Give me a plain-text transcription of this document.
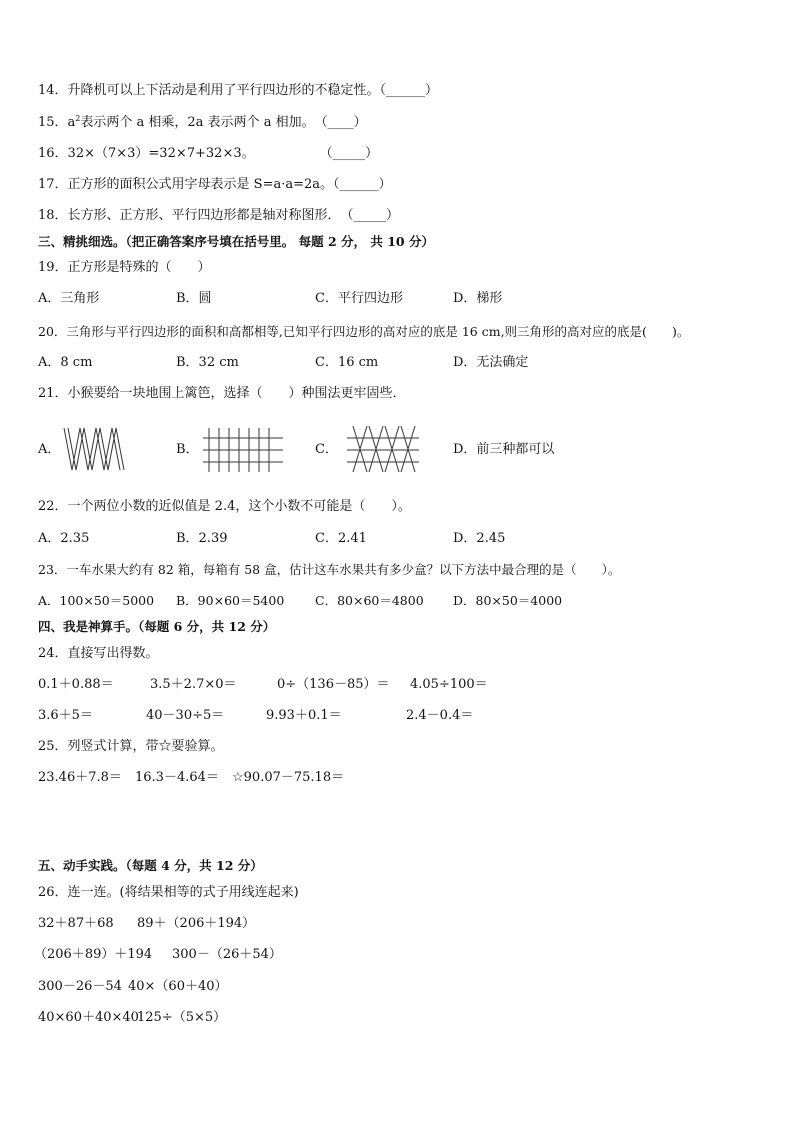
14．升降机可以上下活动是利用了平行四边形的不稳定性。（______）
15．$a^2$表示两个 a 相乘，2a 表示两个 a 相加。　（____）
16．32×（7×3）=32×7+32×3。　　　　　　（_____）
17．正方形的面积公式用字母表示是 S=a·a=2a。（______）
18．长方形、正方形、平行四边形都是轴对称图形．　（_____）
三、精挑细选。（把正确答案序号填在括号里。 每题 2 分， 共 10 分）
19．正方形是特殊的（　　）
A．三角形	B．圆	C．平行四边形	D．梯形
20．三角形与平行四边形的面积和高都相等,已知平行四边形的高对应的底是 16 cm,则三角形的高对应的底是(　　)。
A．8 cm	B．32 cm	C．16 cm	D．无法确定
21．小猴要给一块地围上篱笆，选择（　　）种围法更牢固些．
A．	B．	C．	D．前三种都可以
22．一个两位小数的近似值是 2.4，这个小数不可能是（　　）。
A．2.35	B．2.39	C．2.41	D．2.45
23．一车水果大约有 82 箱，每箱有 58 盒，估计这车水果共有多少盒？以下方法中最合理的是（　　）。
A．100×50＝5000 B．90×60＝5400 C．80×60＝4800 D．80×50＝4000
四、我是神算手。（每题 6 分，共 12 分）
24．直接写出得数。
0.1＋0.88＝	3.5＋2.7×0＝	0÷（136－85）＝ 4.05÷100＝
3.6＋5＝	40－30÷5＝	9.93＋0.1＝	2.4－0.4＝
25．列竖式计算，带☆要验算。
23.46＋7.8＝ 16.3－4.64＝ ☆90.07－75.18＝
五、动手实践。（每题 4 分，共 12 分）
26．连一连。(将结果相等的式子用线连起来)
32＋87＋68 89＋（206＋194）
（206＋89）＋194 300－（26＋54）
300－26－54 40×（60＋40）
40×60＋40×40
125÷（5×5）
